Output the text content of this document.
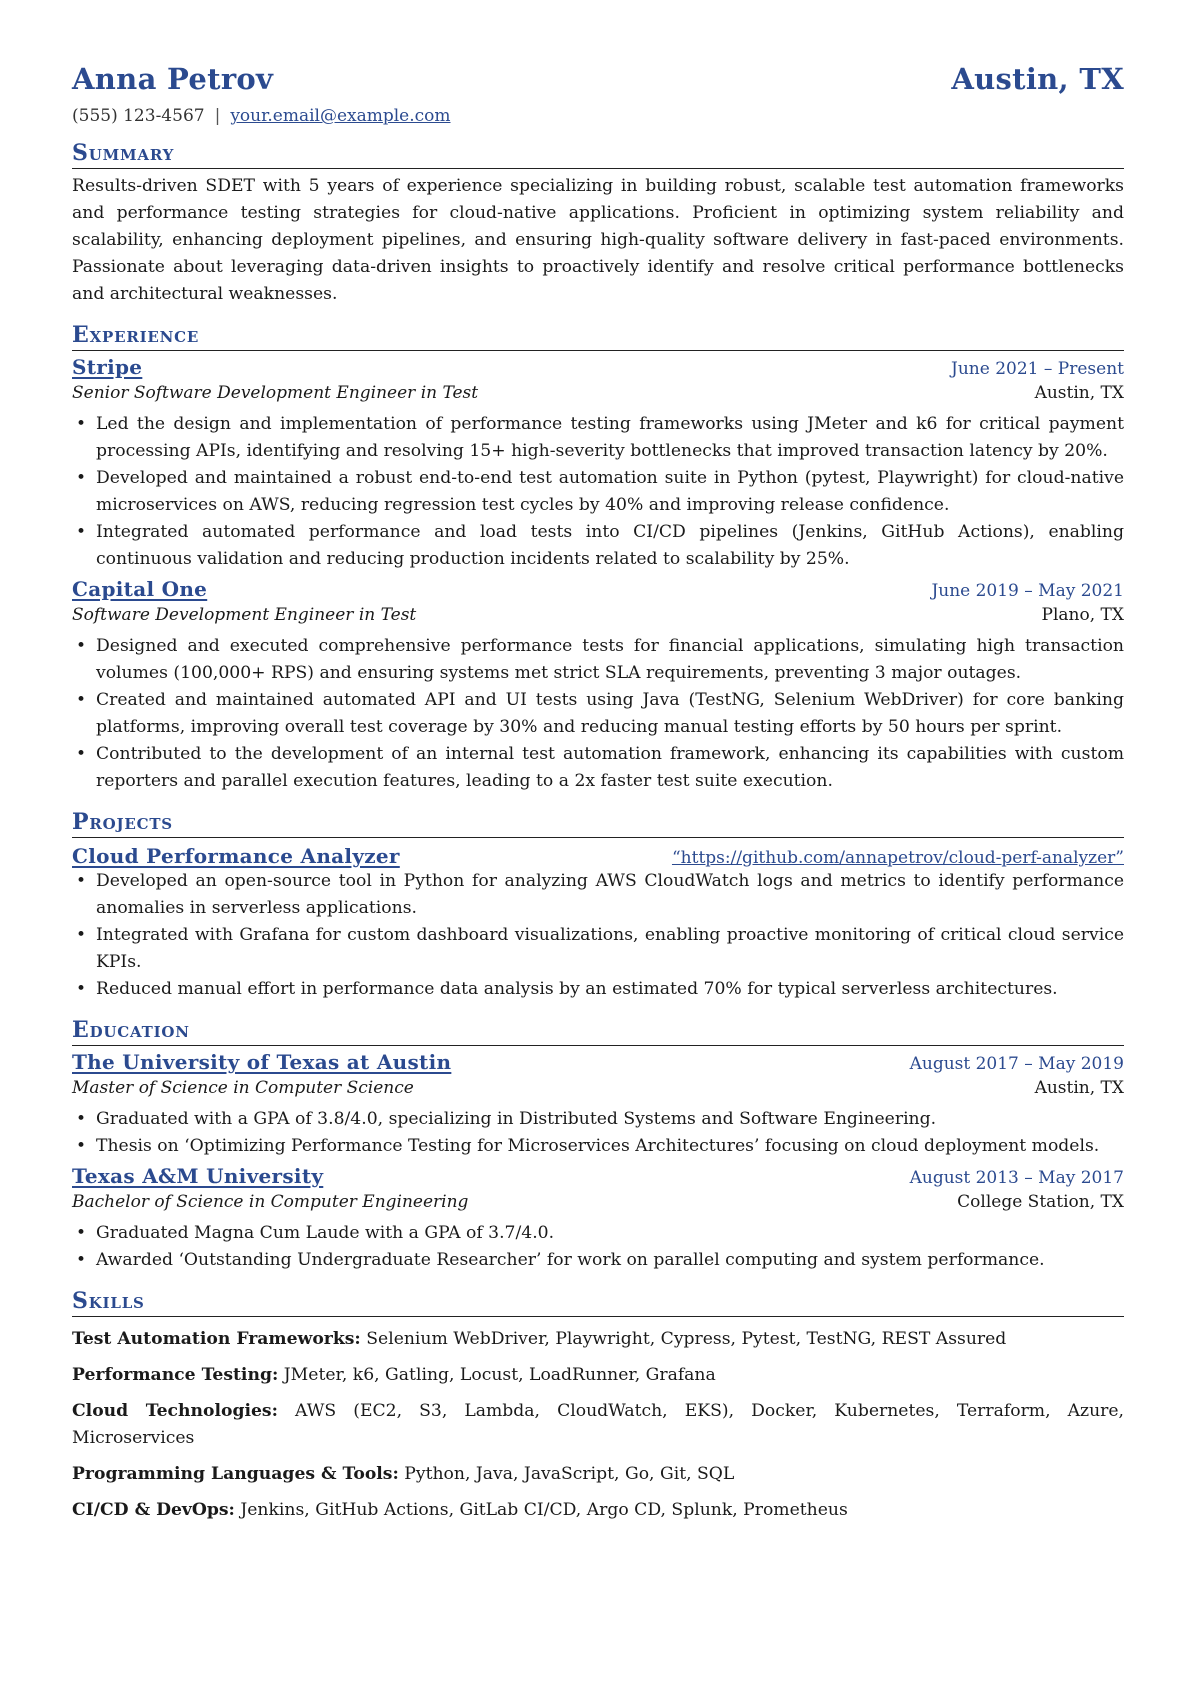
Anna Petrov	Austin, TX
(555) 123-4567 | your.email@example.com
Summary
Results-driven SDET with 5 years of experience specializing in building robust, scalable test automation frameworks and performance testing strategies for cloud-native applications. Proficient in optimizing system reliability and scalability, enhancing deployment pipelines, and ensuring high-quality software delivery in fast-paced environments. Passionate about leveraging data-driven insights to proactively identify and resolve critical performance bottlenecks and architectural weaknesses.
Experience
Stripe	June 2021 – Present
Senior Software Development Engineer in Test	Austin, TX
• Led the design and implementation of performance testing frameworks using JMeter and k6 for critical payment processing APIs, identifying and resolving 15+ high-severity bottlenecks that improved transaction latency by 20%.
• Developed and maintained a robust end-to-end test automation suite in Python (pytest, Playwright) for cloud-native microservices on AWS, reducing regression test cycles by 40% and improving release confidence.
• Integrated automated performance and load tests into CI/CD pipelines (Jenkins, GitHub Actions), enabling continuous validation and reducing production incidents related to scalability by 25%.
Capital One	June 2019 – May 2021
Software Development Engineer in Test	Plano, TX
• Designed and executed comprehensive performance tests for financial applications, simulating high transaction volumes (100,000+ RPS) and ensuring systems met strict SLA requirements, preventing 3 major outages.
• Created and maintained automated API and UI tests using Java (TestNG, Selenium WebDriver) for core banking platforms, improving overall test coverage by 30% and reducing manual testing efforts by 50 hours per sprint.
• Contributed to the development of an internal test automation framework, enhancing its capabilities with custom reporters and parallel execution features, leading to a 2x faster test suite execution.
Projects
Cloud Performance Analyzer	“https://github.com/annapetrov/cloud-perf-analyzer”
• Developed an open-source tool in Python for analyzing AWS CloudWatch logs and metrics to identify performance anomalies in serverless applications.
• Integrated with Grafana for custom dashboard visualizations, enabling proactive monitoring of critical cloud service KPIs.
• Reduced manual effort in performance data analysis by an estimated 70% for typical serverless architectures.
Education
The University of Texas at Austin	August 2017 – May 2019
Master of Science in Computer Science	Austin, TX
• Graduated with a GPA of 3.8/4.0, specializing in Distributed Systems and Software Engineering.
• Thesis on ‘Optimizing Performance Testing for Microservices Architectures’ focusing on cloud deployment models.
Texas A&M University	August 2013 – May 2017
Bachelor of Science in Computer Engineering	College Station, TX
• Graduated Magna Cum Laude with a GPA of 3.7/4.0.
• Awarded ‘Outstanding Undergraduate Researcher’ for work on parallel computing and system performance.
Skills
Test Automation Frameworks: Selenium WebDriver, Playwright, Cypress, Pytest, TestNG, REST Assured
Performance Testing: JMeter, k6, Gatling, Locust, LoadRunner, Grafana
Cloud Technologies: AWS (EC2, S3, Lambda, CloudWatch, EKS), Docker, Kubernetes, Terraform, Azure, Microservices
Programming Languages & Tools: Python, Java, JavaScript, Go, Git, SQL
CI/CD & DevOps: Jenkins, GitHub Actions, GitLab CI/CD, Argo CD, Splunk, Prometheus
